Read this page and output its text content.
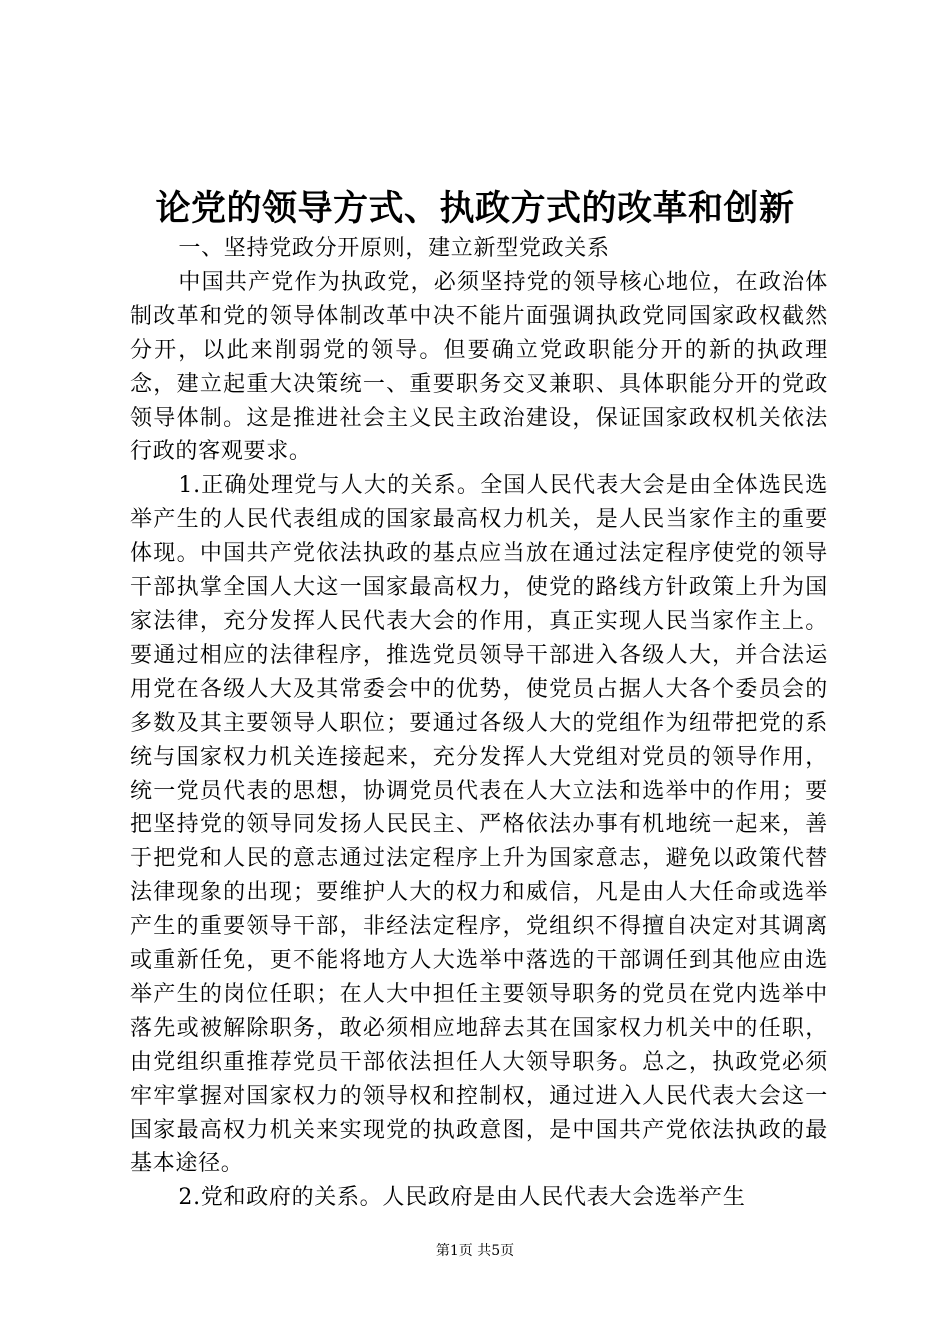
论党的领导方式、执政方式的改革和创新

一、坚持党政分开原则，建立新型党政关系

中国共产党作为执政党，必须坚持党的领导核心地位，在政治体制改革和党的领导体制改革中决不能片面强调执政党同国家政权截然分开，以此来削弱党的领导。但要确立党政职能分开的新的执政理念，建立起重大决策统一、重要职务交叉兼职、具体职能分开的党政领导体制。这是推进社会主义民主政治建设，保证国家政权机关依法行政的客观要求。

1.正确处理党与人大的关系。全国人民代表大会是由全体选民选举产生的人民代表组成的国家最高权力机关，是人民当家作主的重要体现。中国共产党依法执政的基点应当放在通过法定程序使党的领导干部执掌全国人大这一国家最高权力，使党的路线方针政策上升为国家法律，充分发挥人民代表大会的作用，真正实现人民当家作主上。要通过相应的法律程序，推选党员领导干部进入各级人大，并合法运用党在各级人大及其常委会中的优势，使党员占据人大各个委员会的多数及其主要领导人职位；要通过各级人大的党组作为纽带把党的系统与国家权力机关连接起来，充分发挥人大党组对党员的领导作用，统一党员代表的思想，协调党员代表在人大立法和选举中的作用；要把坚持党的领导同发扬人民民主、严格依法办事有机地统一起来，善于把党和人民的意志通过法定程序上升为国家意志，避免以政策代替法律现象的出现；要维护人大的权力和威信，凡是由人大任命或选举产生的重要领导干部，非经法定程序，党组织不得擅自决定对其调离或重新任免，更不能将地方人大选举中落选的干部调任到其他应由选举产生的岗位任职；在人大中担任主要领导职务的党员在党内选举中落先或被解除职务，敢必须相应地辞去其在国家权力机关中的任职，由党组织重推荐党员干部依法担任人大领导职务。总之，执政党必须牢牢掌握对国家权力的领导权和控制权，通过进入人民代表大会这一国家最高权力机关来实现党的执政意图，是中国共产党依法执政的最基本途径。

2.党和政府的关系。人民政府是由人民代表大会选举产生

第1页 共5页
